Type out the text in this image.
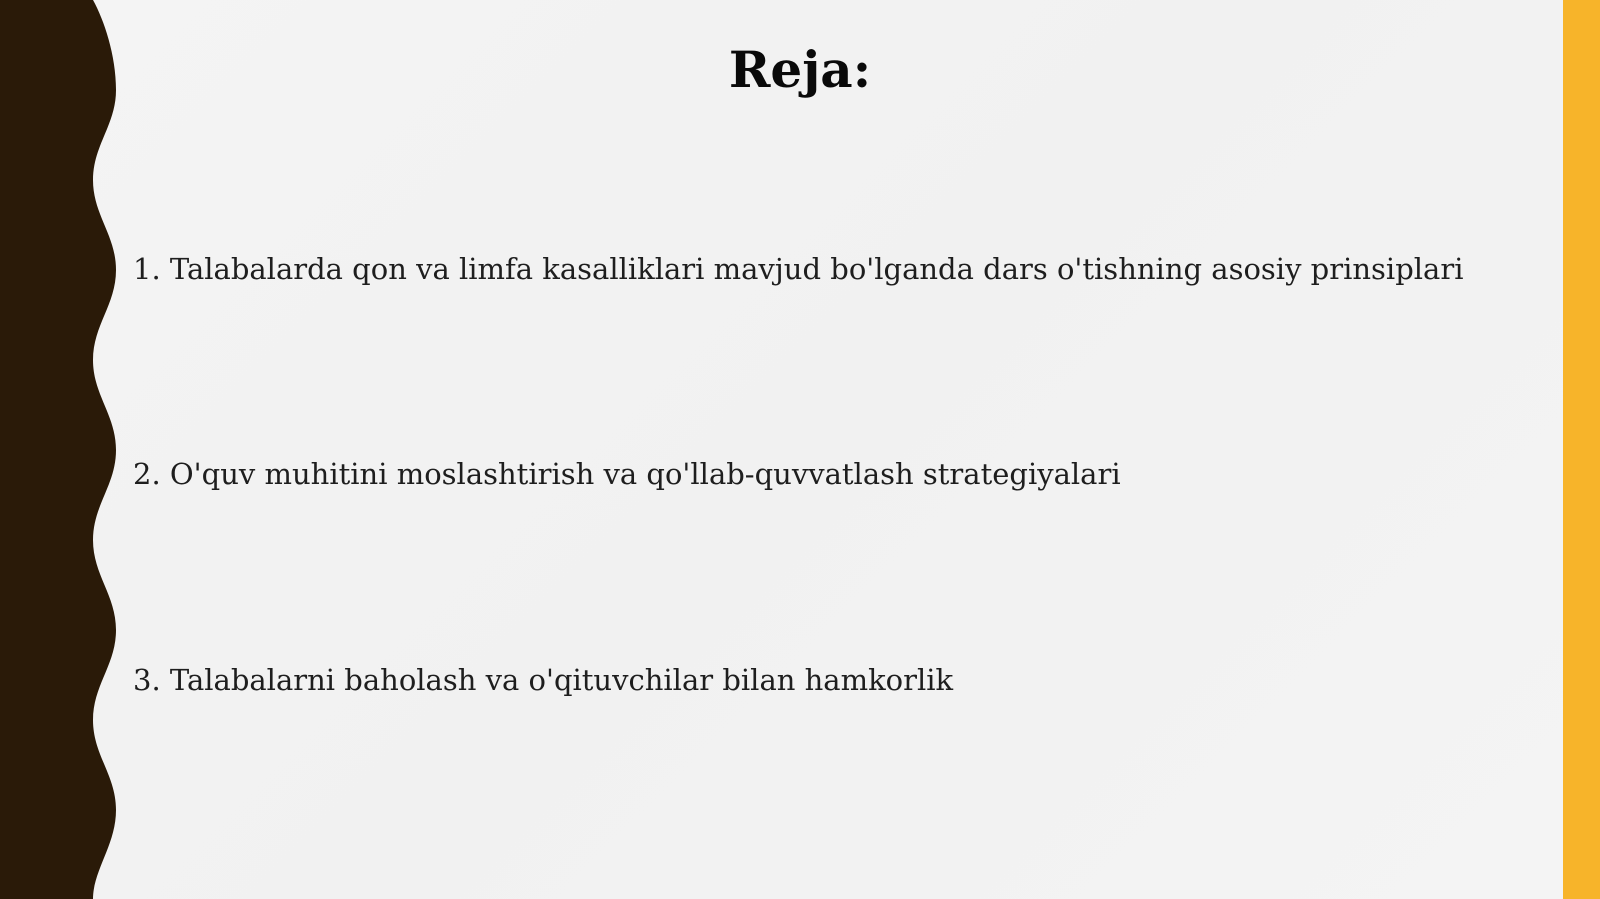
Reja:

1. Talabalarda qon va limfa kasalliklari mavjud bo'lganda dars o'tishning asosiy prinsiplari

2. O'quv muhitini moslashtirish va qo'llab-quvvatlash strategiyalari

3. Talabalarni baholash va o'qituvchilar bilan hamkorlik
